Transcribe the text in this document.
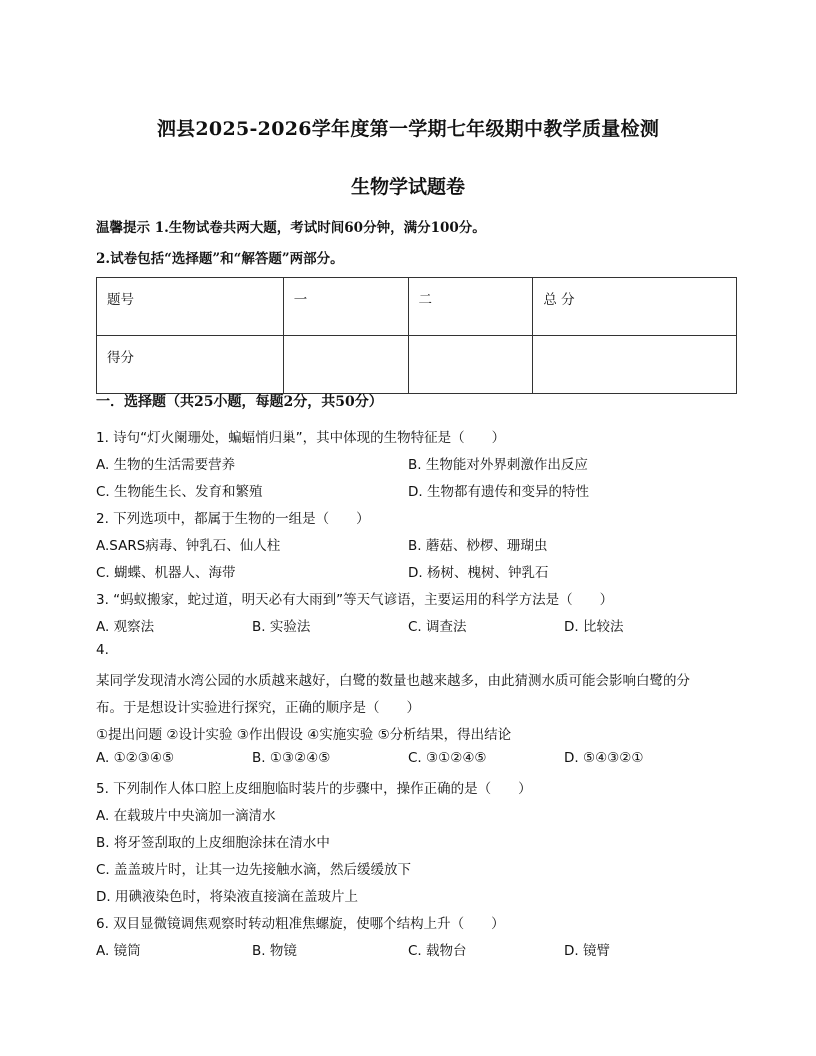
泗县2025-2026学年度第一学期七年级期中教学质量检测
生物学试题卷
温馨提示 1.生物试卷共两大题，考试时间60分钟，满分100分。
2.试卷包括“选择题”和“解答题”两部分。
题号	一	二	总 分
得分			
一．选择题（共25小题，每题2分，共50分）
1. 诗句“灯火阑珊处，蝙蝠悄归巢”，其中体现的生物特征是（　　）
A. 生物的生活需要营养	B. 生物能对外界刺激作出反应
C. 生物能生长、发育和繁殖	D. 生物都有遗传和变异的特性
2. 下列选项中，都属于生物的一组是（　　）
A.SARS病毒、钟乳石、仙人柱	B. 蘑菇、桫椤、珊瑚虫
C. 蝴蝶、机器人、海带	D. 杨树、槐树、钟乳石
3. “蚂蚁搬家，蛇过道，明天必有大雨到”等天气谚语，主要运用的科学方法是（　　）
A. 观察法	B. 实验法	C. 调查法	D. 比较法
4.
某同学发现清水湾公园的水质越来越好，白鹭的数量也越来越多，由此猜测水质可能会影响白鹭的分
布。于是想设计实验进行探究，正确的顺序是（　　）
①提出问题 ②设计实验 ③作出假设 ④实施实验 ⑤分析结果，得出结论
A. ①②③④⑤	B. ①③②④⑤	C. ③①②④⑤	D. ⑤④③②①
5. 下列制作人体口腔上皮细胞临时装片的步骤中，操作正确的是（　　）
A. 在载玻片中央滴加一滴清水
B. 将牙签刮取的上皮细胞涂抹在清水中
C. 盖盖玻片时，让其一边先接触水滴，然后缓缓放下
D. 用碘液染色时，将染液直接滴在盖玻片上
6. 双目显微镜调焦观察时转动粗准焦螺旋，使哪个结构上升（　　）
A. 镜筒	B. 物镜	C. 载物台	D. 镜臂
